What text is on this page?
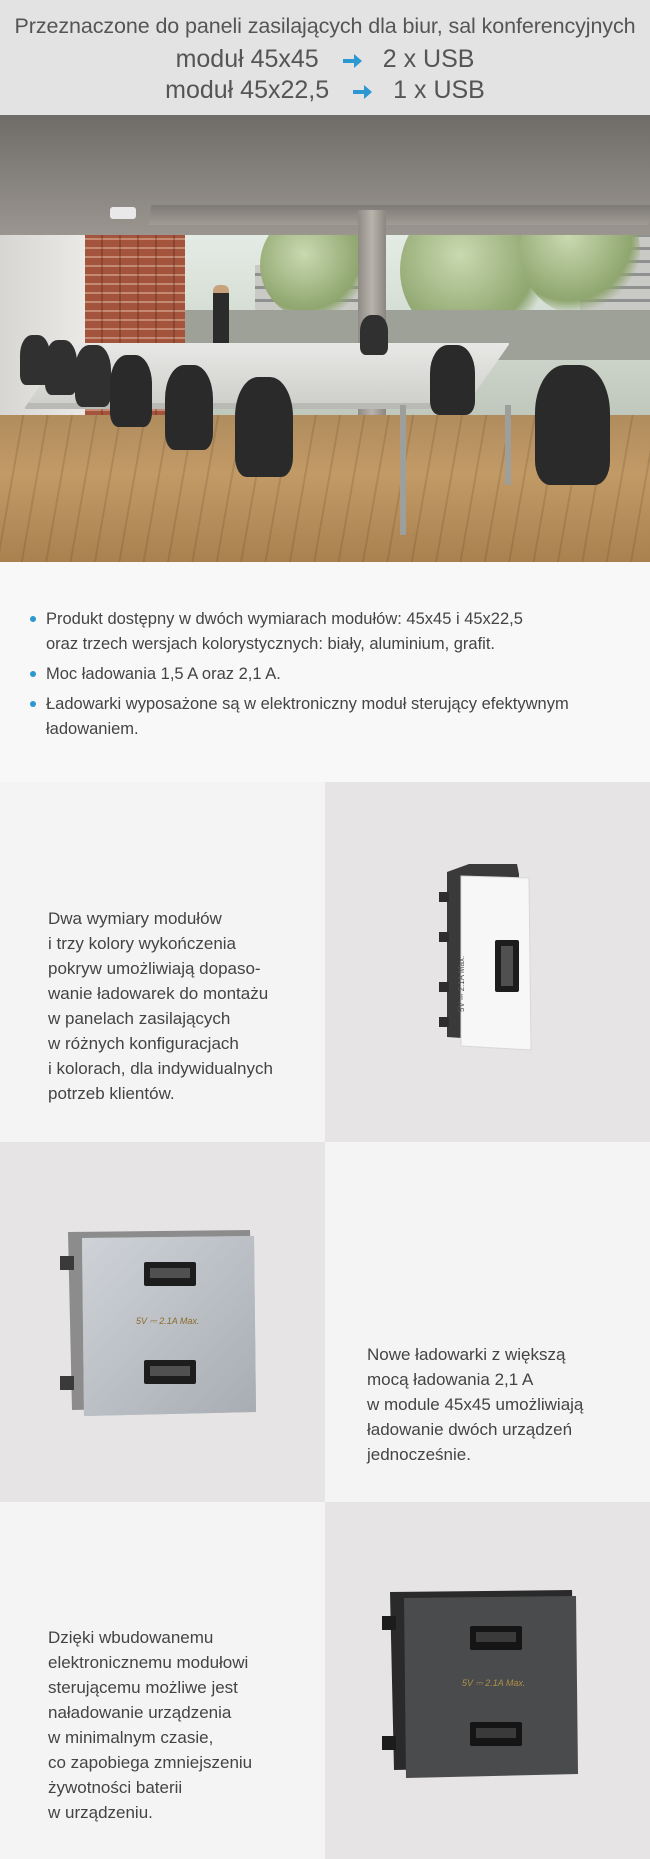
Przeznaczone do paneli zasilających dla biur, sal konferencyjnych
moduł 45x45	2 x USB
moduł 45x22,5	1 x USB
Produkt dostępny w dwóch wymiarach modułów: 45x45 i 45x22,5
oraz trzech wersjach kolorystycznych: biały, aluminium, grafit.
Moc ładowania 1,5 A oraz 2,1 A.
Ładowarki wyposażone są w elektroniczny moduł sterujący efektywnym ładowaniem.
Dwa wymiary modułów
i trzy kolory wykończenia
pokryw umożliwiają dopaso-
wanie ładowarek do montażu
w panelach zasilających
w różnych konfiguracjach
i kolorach, dla indywidualnych
potrzeb klientów.
5V ⎓ 2.1A Max.
5V ⎓ 2.1A Max.
Nowe ładowarki z większą
mocą ładowania 2,1 A
w module 45x45 umożliwiają
ładowanie dwóch urządzeń
jednocześnie.
Dzięki wbudowanemu
elektronicznemu modułowi
sterującemu możliwe jest
naładowanie urządzenia
w minimalnym czasie,
co zapobiega zmniejszeniu
żywotności baterii
w urządzeniu.
5V ⎓ 2.1A Max.
